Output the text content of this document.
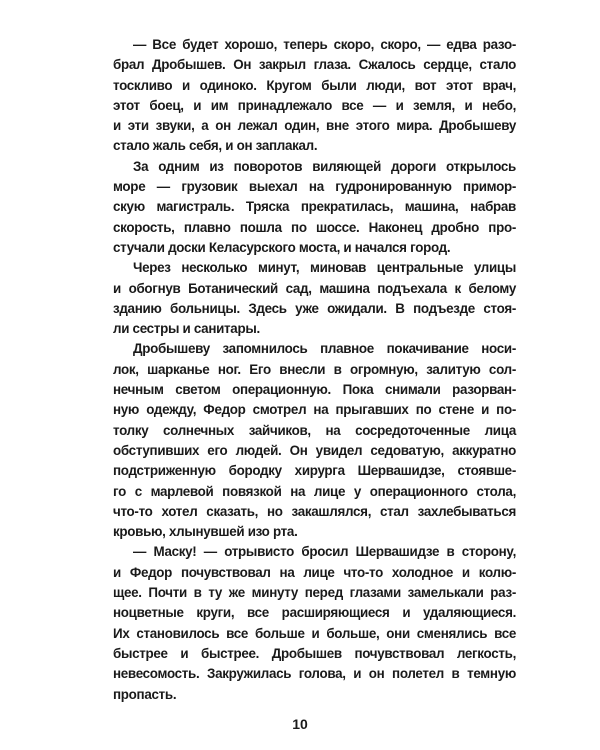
— Все будет хорошо, теперь скоро, скоро, — едва разо-
брал Дробышев. Он закрыл глаза. Сжалось сердце, стало
тоскливо и одиноко. Кругом были люди, вот этот врач,
этот боец, и им принадлежало все — и земля, и небо,
и эти звуки, а он лежал один, вне этого мира. Дробышеву
стало жаль себя, и он заплакал.
За одним из поворотов виляющей дороги открылось
море — грузовик выехал на гудронированную примор-
скую магистраль. Тряска прекратилась, машина, набрав
скорость, плавно пошла по шоссе. Наконец дробно про-
стучали доски Келасурского моста, и начался город.
Через несколько минут, миновав центральные улицы
и обогнув Ботанический сад, машина подъехала к белому
зданию больницы. Здесь уже ожидали. В подъезде стоя-
ли сестры и санитары.
Дробышеву запомнилось плавное покачивание носи-
лок, шарканье ног. Его внесли в огромную, залитую сол-
нечным светом операционную. Пока снимали разорван-
ную одежду, Федор смотрел на прыгавших по стене и по-
толку солнечных зайчиков, на сосредоточенные лица
обступивших его людей. Он увидел седоватую, аккуратно
подстриженную бородку хирурга Шервашидзе, стоявше-
го с марлевой повязкой на лице у операционного стола,
что-то хотел сказать, но закашлялся, стал захлебываться
кровью, хлынувшей изо рта.
— Маску! — отрывисто бросил Шервашидзе в сторону,
и Федор почувствовал на лице что-то холодное и колю-
щее. Почти в ту же минуту перед глазами замелькали раз-
ноцветные круги, все расширяющиеся и удаляющиеся.
Их становилось все больше и больше, они сменялись все
быстрее и быстрее. Дробышев почувствовал легкость,
невесомость. Закружилась голова, и он полетел в темную
пропасть.
10
